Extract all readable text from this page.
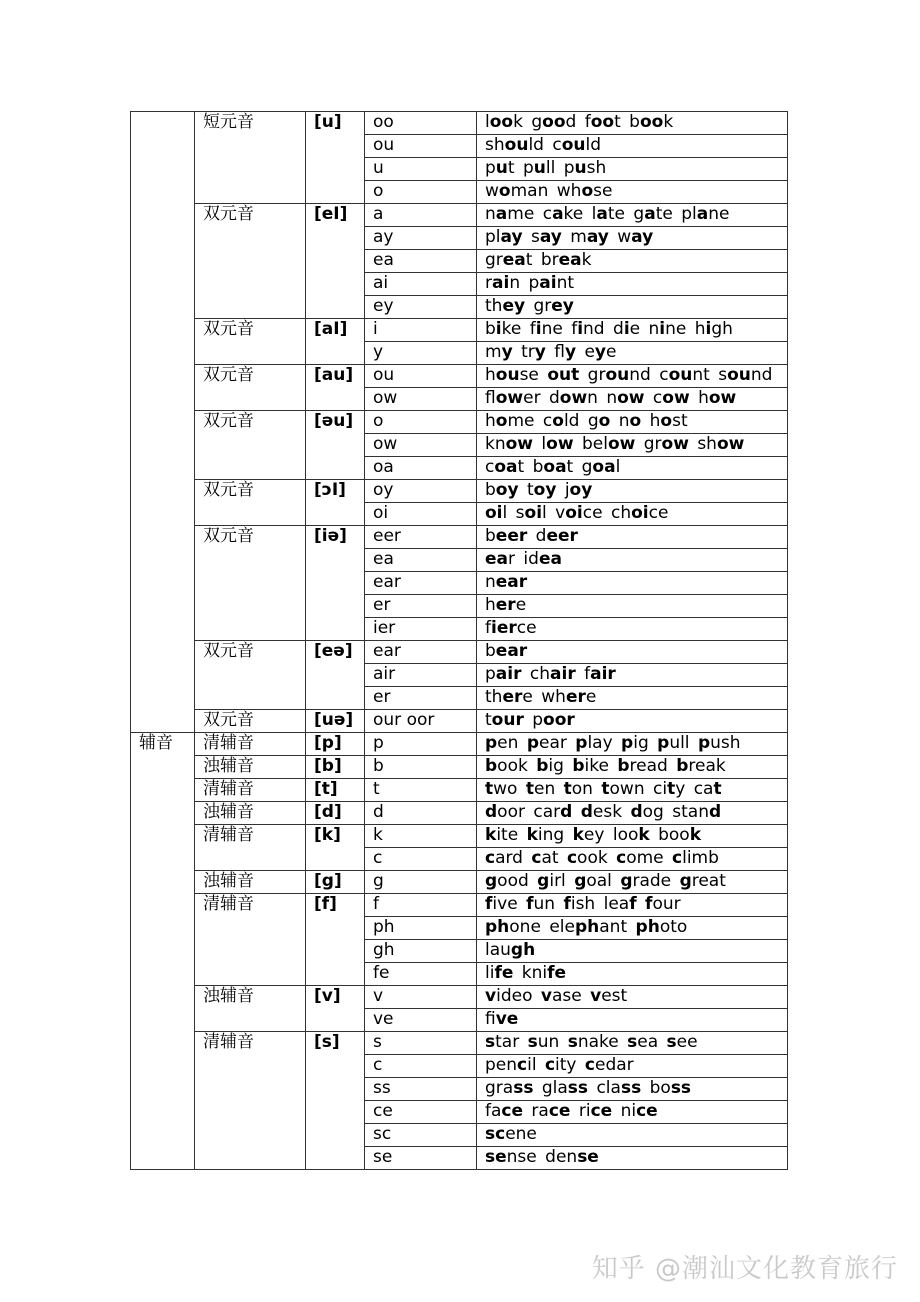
	短元音	[u]	oo	look good foot book
			ou	should could
			u	put pull push
			o	woman whose
	双元音	[eI]	a	name cake late gate plane
			ay	play say may way
			ea	great break
			ai	rain paint
			ey	they grey
	双元音	[aI]	i	bike fine find die nine high
			y	my try fly eye
	双元音	[au]	ou	house out ground count sound
			ow	flower down now cow how
	双元音	[əu]	o	home cold go no host
			ow	know low below grow show
			oa	coat boat goal
	双元音	[ɔI]	oy	boy toy joy
			oi	oil soil voice choice
	双元音	[iə]	eer	beer deer
			ea	ear idea
			ear	near
			er	here
			ier	fierce
	双元音	[eə]	ear	bear
			air	pair chair fair
			er	there where
	双元音	[uə]	our oor	tour poor
辅音	清辅音	[p]	p	pen pear play pig pull push
	浊辅音	[b]	b	book big bike bread break
	清辅音	[t]	t	two ten ton town city cat
	浊辅音	[d]	d	door card desk dog stand
	清辅音	[k]	k	kite king key look book
			c	card cat cook come climb
	浊辅音	[g]	g	good girl goal grade great
	清辅音	[f]	f	five fun fish leaf four
			ph	phone elephant photo
			gh	laugh
			fe	life knife
	浊辅音	[v]	v	video vase vest
			ve	five
	清辅音	[s]	s	star sun snake sea see
			c	pencil city cedar
			ss	grass glass class boss
			ce	face race rice nice
			sc	scene
			se	sense dense
知乎 @潮汕文化教育旅行
